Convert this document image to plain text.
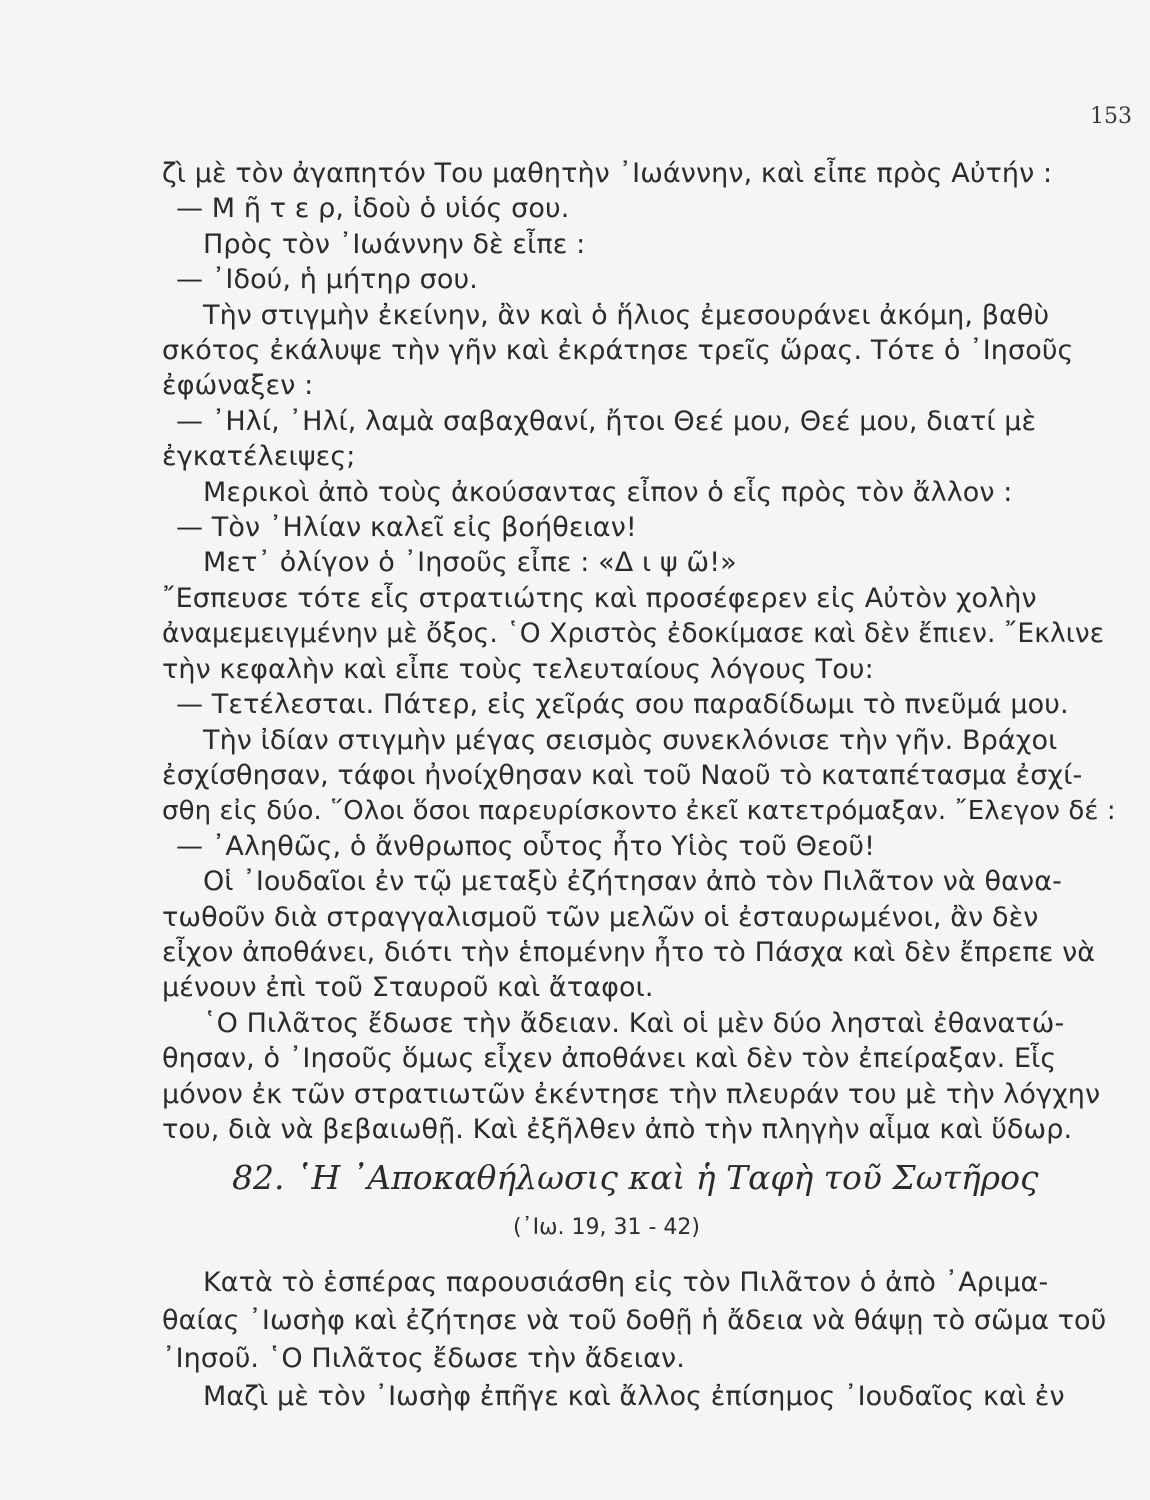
153
ζὶ μὲ τὸν ἀγαπητόν Του μαθητὴν ᾽Ιωάννην, καὶ εἶπε πρὸς Αὐτήν :
— Μ ῆ τ ε ρ, ἰδοὺ ὁ υἱός σου.
Πρὸς τὸν ᾽Ιωάννην δὲ εἶπε :
— ᾽Ιδού, ἡ μήτηρ σου.
Τὴν στιγμὴν ἐκείνην, ἂν καὶ ὁ ἥλιος ἐμεσουράνει ἀκόμη, βαθὺ
σκότος ἐκάλυψε τὴν γῆν καὶ ἐκράτησε τρεῖς ὥρας. Τότε ὁ ᾽Ιησοῦς
ἐφώναξεν :
— ᾽Ηλί, ᾽Ηλί, λαμὰ σαβαχθανί, ἤτοι Θεέ μου, Θεέ μου, διατί μὲ
ἐγκατέλειψες;
Μερικοὶ ἀπὸ τοὺς ἀκούσαντας εἶπον ὁ εἷς πρὸς τὸν ἄλλον :
— Τὸν ᾽Ηλίαν καλεῖ εἰς βοήθειαν!
Μετ᾽ ὀλίγον ὁ ᾽Ιησοῦς εἶπε : «Δ ι ψ ῶ!»
῎Εσπευσε τότε εἷς στρατιώτης καὶ προσέφερεν εἰς Αὐτὸν χολὴν
ἀναμεμειγμένην μὲ ὄξος. ῾Ο Χριστὸς ἐδοκίμασε καὶ δὲν ἔπιεν. ῎Εκλινε
τὴν κεφαλὴν καὶ εἶπε τοὺς τελευταίους λόγους Του:
— Τετέλεσται. Πάτερ, εἰς χεῖράς σου παραδίδωμι τὸ πνεῦμά μου.
Τὴν ἰδίαν στιγμὴν μέγας σεισμὸς συνεκλόνισε τὴν γῆν. Βράχοι
ἐσχίσθησαν, τάφοι ἠνοίχθησαν καὶ τοῦ Ναοῦ τὸ καταπέτασμα ἐσχί-
σθη εἰς δύο. ῞Ολοι ὅσοι παρευρίσκοντο ἐκεῖ κατετρόμαξαν. ῎Ελεγον δέ :
— ᾽Αληθῶς, ὁ ἄνθρωπος οὗτος ἦτο Υἱὸς τοῦ Θεοῦ!
Οἱ ᾽Ιουδαῖοι ἐν τῷ μεταξὺ ἐζήτησαν ἀπὸ τὸν Πιλᾶτον νὰ θανα-
τωθοῦν διὰ στραγγαλισμοῦ τῶν μελῶν οἱ ἐσταυρωμένοι, ἂν δὲν
εἶχον ἀποθάνει, διότι τὴν ἑπομένην ἦτο τὸ Πάσχα καὶ δὲν ἔπρεπε νὰ
μένουν ἐπὶ τοῦ Σταυροῦ καὶ ἄταφοι.
῾Ο Πιλᾶτος ἔδωσε τὴν ἄδειαν. Καὶ οἱ μὲν δύο λησταὶ ἐθανατώ-
θησαν, ὁ ᾽Ιησοῦς ὅμως εἶχεν ἀποθάνει καὶ δὲν τὸν ἐπείραξαν. Εἷς
μόνον ἐκ τῶν στρατιωτῶν ἐκέντησε τὴν πλευράν του μὲ τὴν λόγχην
του, διὰ νὰ βεβαιωθῇ. Καὶ ἐξῆλθεν ἀπὸ τὴν πληγὴν αἷμα καὶ ὕδωρ.
82. ῾Η ᾽Αποκαθήλωσις καὶ ἡ Ταφὴ τοῦ Σωτῆρος
(᾽Ιω. 19, 31 - 42)
Κατὰ τὸ ἑσπέρας παρουσιάσθη εἰς τὸν Πιλᾶτον ὁ ἀπὸ ᾽Αριμα-
θαίας ᾽Ιωσὴφ καὶ ἐζήτησε νὰ τοῦ δοθῇ ἡ ἄδεια νὰ θάψῃ τὸ σῶμα τοῦ
᾽Ιησοῦ. ῾Ο Πιλᾶτος ἔδωσε τὴν ἄδειαν.
Μαζὶ μὲ τὸν ᾽Ιωσὴφ ἐπῆγε καὶ ἄλλος ἐπίσημος ᾽Ιουδαῖος καὶ ἐν
